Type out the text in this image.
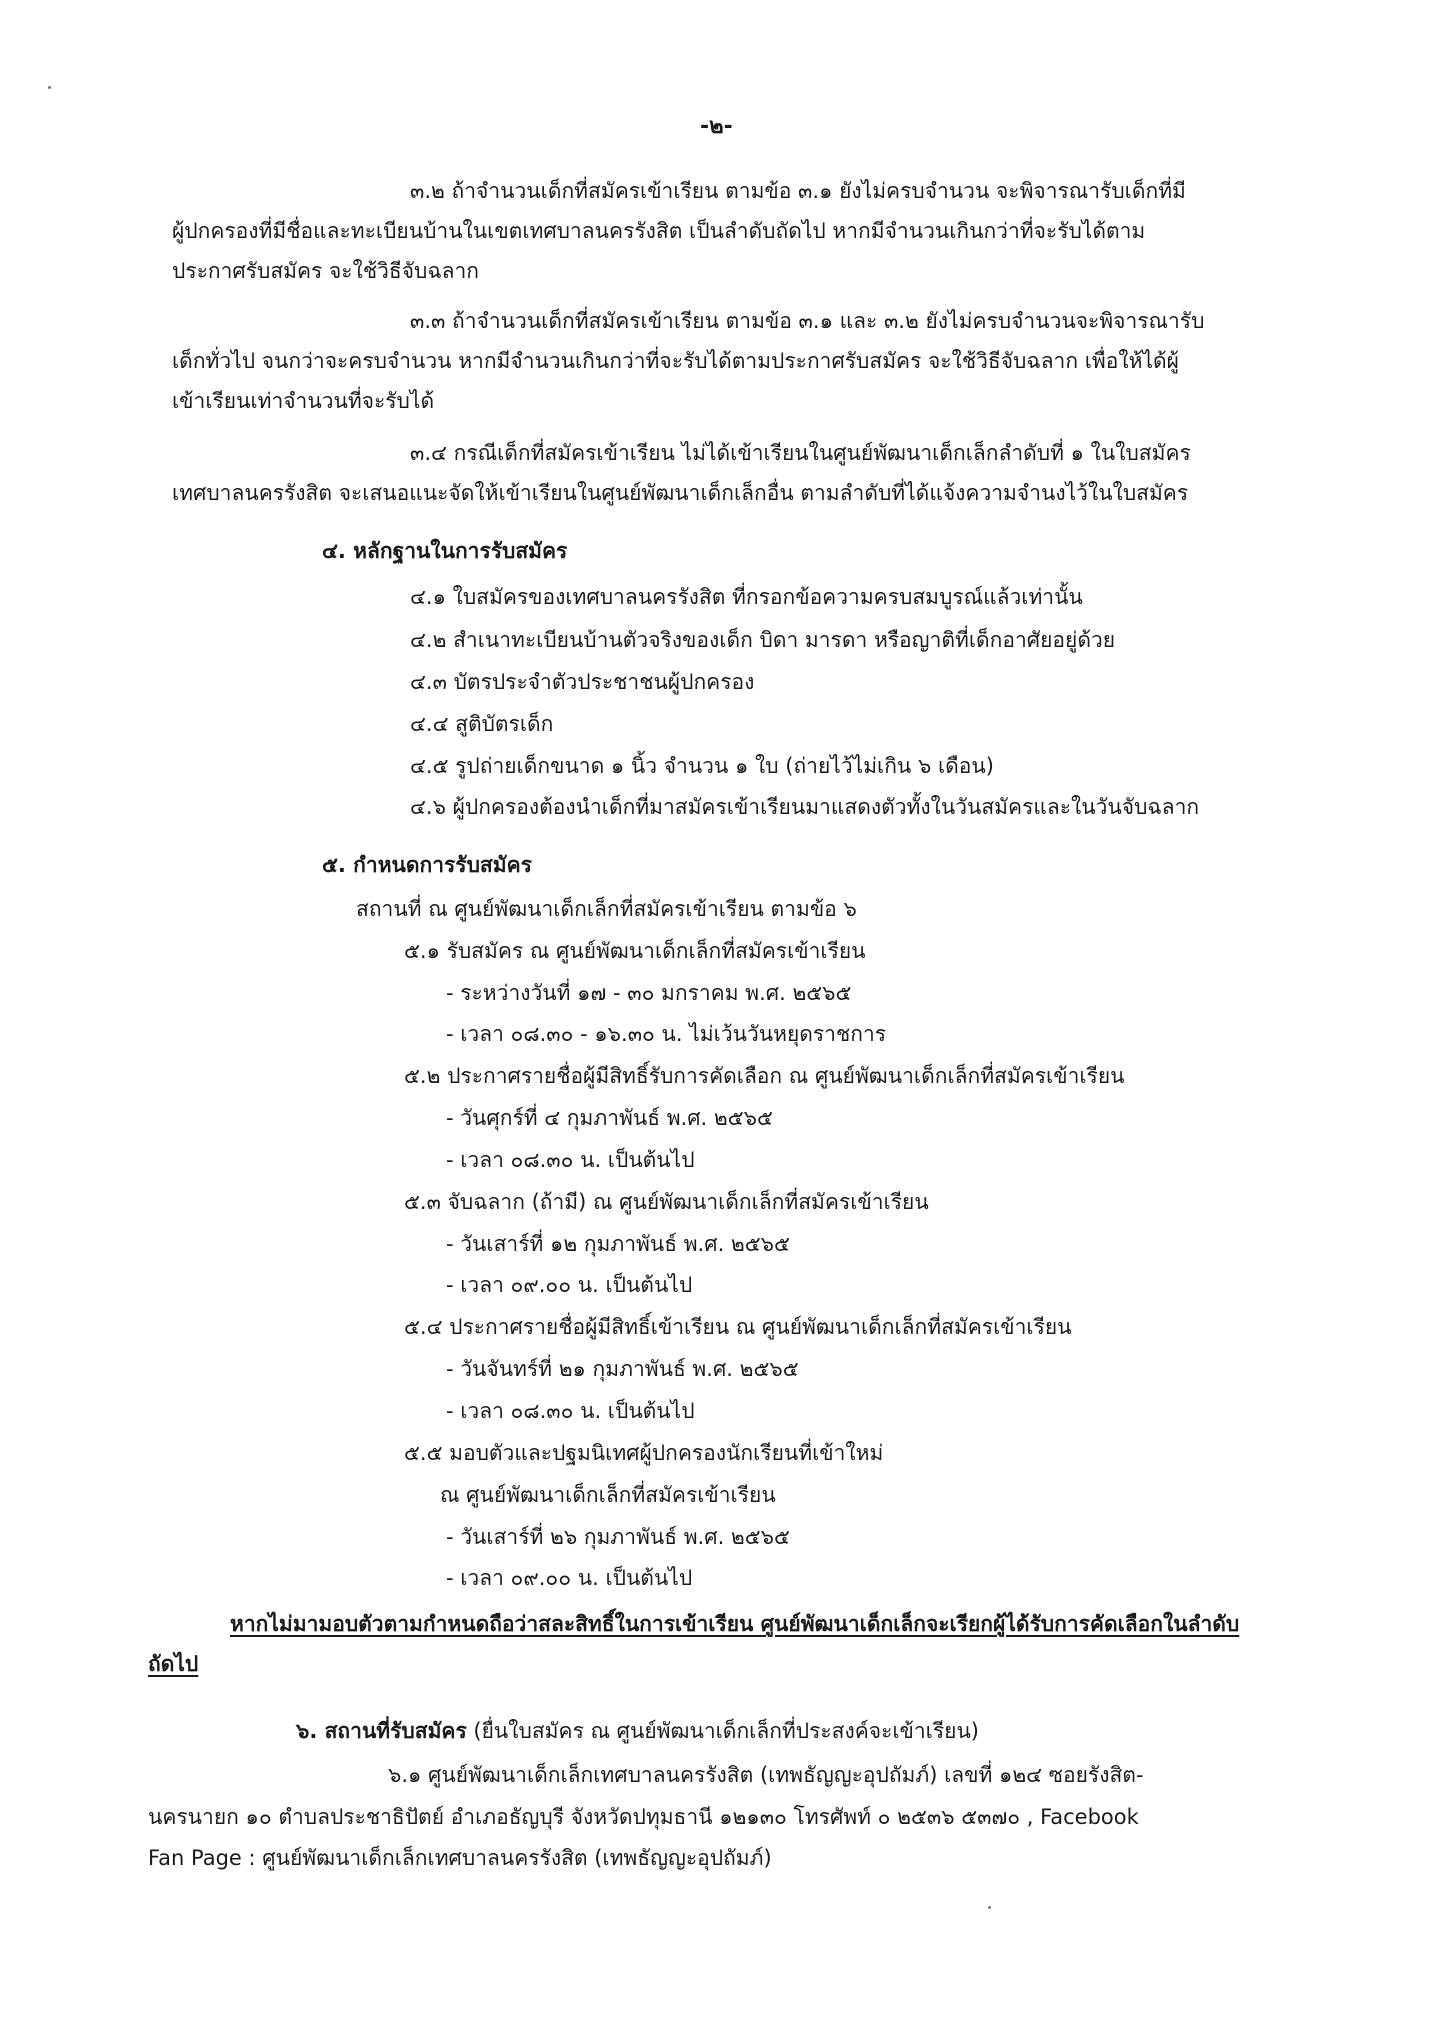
-๒-
๓.๒ ถ้าจำนวนเด็กที่สมัครเข้าเรียน ตามข้อ ๓.๑ ยังไม่ครบจำนวน จะพิจารณารับเด็กที่มี
ผู้ปกครองที่มีชื่อและทะเบียนบ้านในเขตเทศบาลนครรังสิต เป็นลำดับถัดไป หากมีจำนวนเกินกว่าที่จะรับได้ตาม
ประกาศรับสมัคร จะใช้วิธีจับฉลาก
๓.๓ ถ้าจำนวนเด็กที่สมัครเข้าเรียน ตามข้อ ๓.๑ และ ๓.๒ ยังไม่ครบจำนวนจะพิจารณารับ
เด็กทั่วไป จนกว่าจะครบจำนวน หากมีจำนวนเกินกว่าที่จะรับได้ตามประกาศรับสมัคร จะใช้วิธีจับฉลาก เพื่อให้ได้ผู้
เข้าเรียนเท่าจำนวนที่จะรับได้
๓.๔ กรณีเด็กที่สมัครเข้าเรียน ไม่ได้เข้าเรียนในศูนย์พัฒนาเด็กเล็กลำดับที่ ๑ ในใบสมัคร
เทศบาลนครรังสิต จะเสนอแนะจัดให้เข้าเรียนในศูนย์พัฒนาเด็กเล็กอื่น ตามลำดับที่ได้แจ้งความจำนงไว้ในใบสมัคร
๔. หลักฐานในการรับสมัคร
๔.๑ ใบสมัครของเทศบาลนครรังสิต ที่กรอกข้อความครบสมบูรณ์แล้วเท่านั้น
๔.๒ สำเนาทะเบียนบ้านตัวจริงของเด็ก บิดา มารดา หรือญาติที่เด็กอาศัยอยู่ด้วย
๔.๓ บัตรประจำตัวประชาชนผู้ปกครอง
๔.๔ สูติบัตรเด็ก
๔.๕ รูปถ่ายเด็กขนาด ๑ นิ้ว จำนวน ๑ ใบ (ถ่ายไว้ไม่เกิน ๖ เดือน)
๔.๖ ผู้ปกครองต้องนำเด็กที่มาสมัครเข้าเรียนมาแสดงตัวทั้งในวันสมัครและในวันจับฉลาก
๕. กำหนดการรับสมัคร
สถานที่ ณ ศูนย์พัฒนาเด็กเล็กที่สมัครเข้าเรียน ตามข้อ ๖
๕.๑ รับสมัคร ณ ศูนย์พัฒนาเด็กเล็กที่สมัครเข้าเรียน
- ระหว่างวันที่ ๑๗ - ๓๐ มกราคม พ.ศ. ๒๕๖๕
- เวลา ๐๘.๓๐ - ๑๖.๓๐ น. ไม่เว้นวันหยุดราชการ
๕.๒ ประกาศรายชื่อผู้มีสิทธิ์รับการคัดเลือก ณ ศูนย์พัฒนาเด็กเล็กที่สมัครเข้าเรียน
- วันศุกร์ที่ ๔ กุมภาพันธ์ พ.ศ. ๒๕๖๕
- เวลา ๐๘.๓๐ น. เป็นต้นไป
๕.๓ จับฉลาก (ถ้ามี) ณ ศูนย์พัฒนาเด็กเล็กที่สมัครเข้าเรียน
- วันเสาร์ที่ ๑๒ กุมภาพันธ์ พ.ศ. ๒๕๖๕
- เวลา ๐๙.๐๐ น. เป็นต้นไป
๕.๔ ประกาศรายชื่อผู้มีสิทธิ์เข้าเรียน ณ ศูนย์พัฒนาเด็กเล็กที่สมัครเข้าเรียน
- วันจันทร์ที่ ๒๑ กุมภาพันธ์ พ.ศ. ๒๕๖๕
- เวลา ๐๘.๓๐ น. เป็นต้นไป
๕.๕ มอบตัวและปฐมนิเทศผู้ปกครองนักเรียนที่เข้าใหม่
ณ ศูนย์พัฒนาเด็กเล็กที่สมัครเข้าเรียน
- วันเสาร์ที่ ๒๖ กุมภาพันธ์ พ.ศ. ๒๕๖๕
- เวลา ๐๙.๐๐ น. เป็นต้นไป
หากไม่มามอบตัวตามกำหนดถือว่าสละสิทธิ์ในการเข้าเรียน ศูนย์พัฒนาเด็กเล็กจะเรียกผู้ได้รับการคัดเลือกในลำดับ
ถัดไป
๖. สถานที่รับสมัคร (ยื่นใบสมัคร ณ ศูนย์พัฒนาเด็กเล็กที่ประสงค์จะเข้าเรียน)
๖.๑ ศูนย์พัฒนาเด็กเล็กเทศบาลนครรังสิต (เทพธัญญะอุปถัมภ์) เลขที่ ๑๒๔ ซอยรังสิต-
นครนายก ๑๐ ตำบลประชาธิปัตย์ อำเภอธัญบุรี จังหวัดปทุมธานี ๑๒๑๓๐ โทรศัพท์ ๐ ๒๕๓๖ ๕๓๗๐ , Facebook
Fan Page : ศูนย์พัฒนาเด็กเล็กเทศบาลนครรังสิต (เทพธัญญะอุปถัมภ์)
